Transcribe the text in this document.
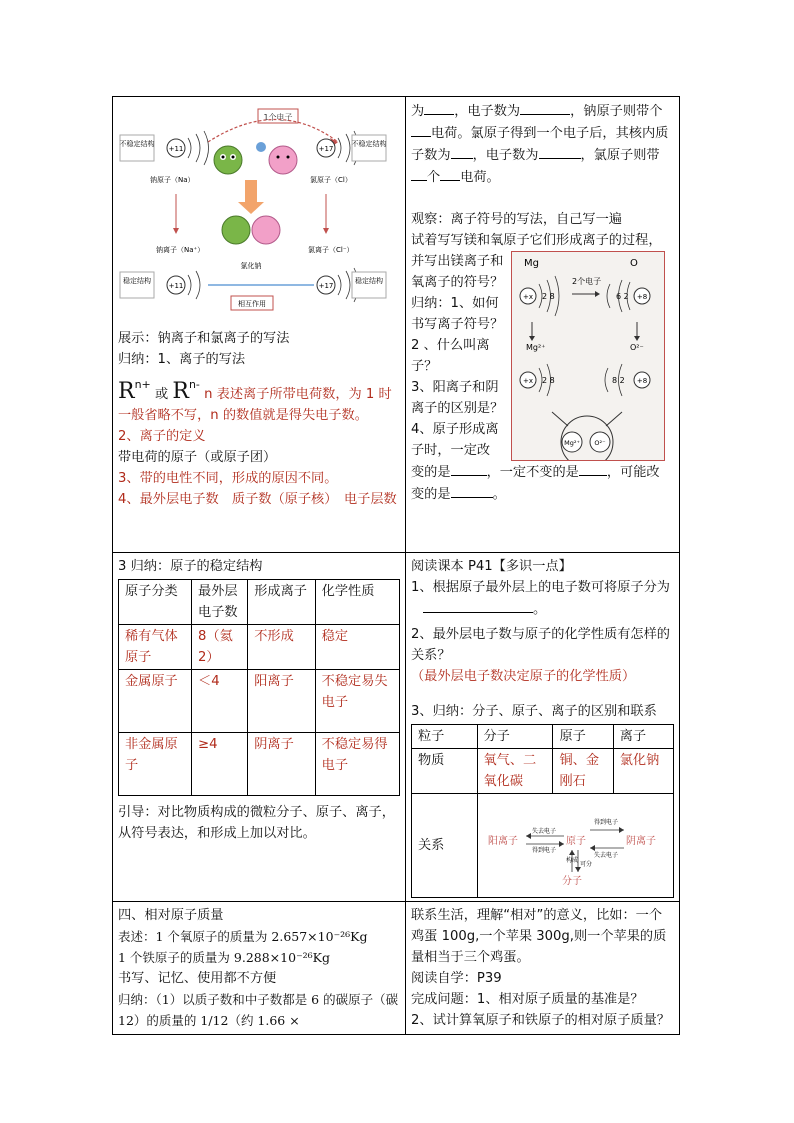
1个电子
不稳定结构
+11
钠原子（Na）
+17
不稳定结构
氯原子（Cl）
钠离子（Na⁺）	氯离子（Cl⁻）
氯化钠
稳定结构
+11	+17
稳定结构
相互作用

展示：钠离子和氯离子的写法

归纳：1、离子的写法

$R^{n+}$ 或 $R^{n-}$ n 表述离子所带电荷数，为 1 时一般省略不写，n 的数值就是得失电子数。

2、离子的定义

带电荷的原子（或原子团）

3、带的电性不同，形成的原因不同。

4、最外层电子数　质子数（原子核）　电子层数

为 ，电子数为	，钠原子则带个

电荷。氯原子得到一个电子后，其核内质子数为 ，电子数为	，氯原子则带个 电荷。

观察：离子符号的写法，自己写一遍

试着写写镁和氧原子它们形成离子的过程，

并写出镁离子和氧离子的符号？

归纳：1、如何书写离子符号？

2 、什么叫离子？

3、阳离子和阴离子的区别是？

4、原子形成离子时，一定改

Mg	O
+x 2 8
2个电子
6 2 +8
Mg²⁺	O²⁻
+x 2 8	8 2 +8
Mg²⁺ O²⁻

变的是	，一定不变的是 ，可能改

变的是	。

3 归纳：原子的稳定结构

原子分类	最外层电子数	形成离子	化学性质
稀有气体原子	8（氦2）	不形成	稳定
金属原子	＜4	阳离子	不稳定易失电子
非金属原子	≥4	阴离子	不稳定易得电子

引导：对比物质构成的微粒分子、原子、离子，从符号表达，和形成上加以对比。

阅读课本 P41【多识一点】

1、根据原子最外层上的电子数可将原子分为。

2、最外层电子数与原子的化学性质有怎样的关系？

（最外层电子数决定原子的化学性质）

3、归纳：分子、原子、离子的区别和联系

粒子	分子	原子	离子
物质	氧气、二氧化碳	铜、金刚石	氯化钠
关系	阳离子	原子	阴离子
分子
失去电子
得到电子
得到电子
失去电子
构成
可分

四、相对原子质量

表述：1 个氧原子的质量为 2.657×10⁻²⁶Kg

1 个铁原子的质量为 9.288×10⁻²⁶Kg

书写、记忆、使用都不方便

归纳：（1）以质子数和中子数都是 6 的碳原子（碳 12）的质量的 1/12（约 1.66 ×

联系生活，理解“相对”的意义，比如：一个鸡蛋 100g,一个苹果 300g,则一个苹果的质量相当于三个鸡蛋。

阅读自学：P39

完成问题：1、相对原子质量的基准是？

2、试计算氧原子和铁原子的相对原子质量？
